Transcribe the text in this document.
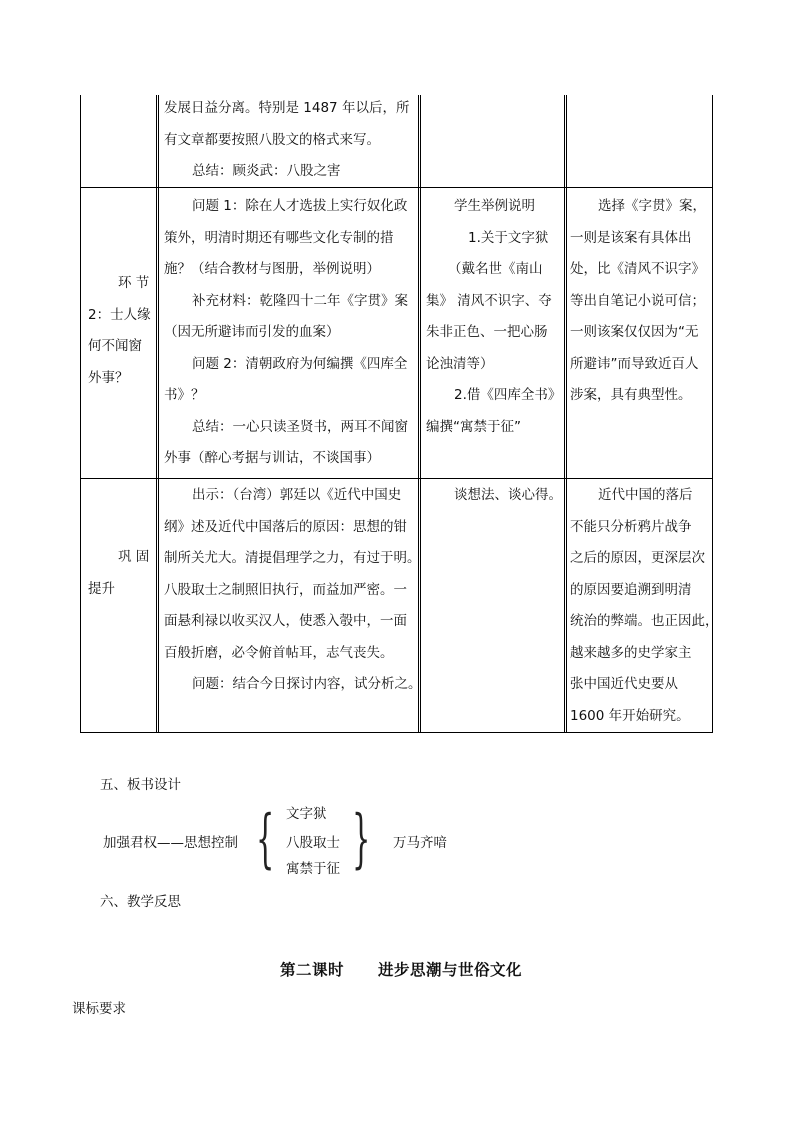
发展日益分离。特别是 1487 年以后，所
有文章都要按照八股文的格式来写。
总结：顾炎武：八股之害
环 节
2：士人缘
何不闻窗
外事？
问题 1：除在人才选拔上实行奴化政
策外，明清时期还有哪些文化专制的措
施？（结合教材与图册，举例说明）
补充材料：乾隆四十二年《字贯》案
（因无所避讳而引发的血案）
问题 2：清朝政府为何编撰《四库全
书》？
总结：一心只读圣贤书，两耳不闻窗
外事（醉心考据与训诂，不谈国事）
学生举例说明
1.关于文字狱
（戴名世《南山
集》 清风不识字、夺
朱非正色、一把心肠
论浊清等）
2.借《四库全书》
编撰“寓禁于征”
选择《字贯》案，
一则是该案有具体出
处，比《清风不识字》
等出自笔记小说可信；
一则该案仅仅因为“无
所避讳”而导致近百人
涉案，具有典型性。
巩 固
提升
出示：（台湾）郭廷以《近代中国史
纲》述及近代中国落后的原因：思想的钳
制所关尤大。清提倡理学之力，有过于明。
八股取士之制照旧执行，而益加严密。一
面悬利禄以收买汉人，使悉入彀中，一面
百般折磨，必令俯首帖耳，志气丧失。
问题：结合今日探讨内容，试分析之。
谈想法、谈心得。	近代中国的落后
不能只分析鸦片战争
之后的原因，更深层次
的原因要追溯到明清
统治的弊端。也正因此，
越来越多的史学家主
张中国近代史要从
1600 年开始研究。
五、板书设计
加强君权——思想控制 { 文字狱
八股取士
寓禁于征 } 万马齐喑
六、教学反思
第二课时 进步思潮与世俗文化
课标要求
